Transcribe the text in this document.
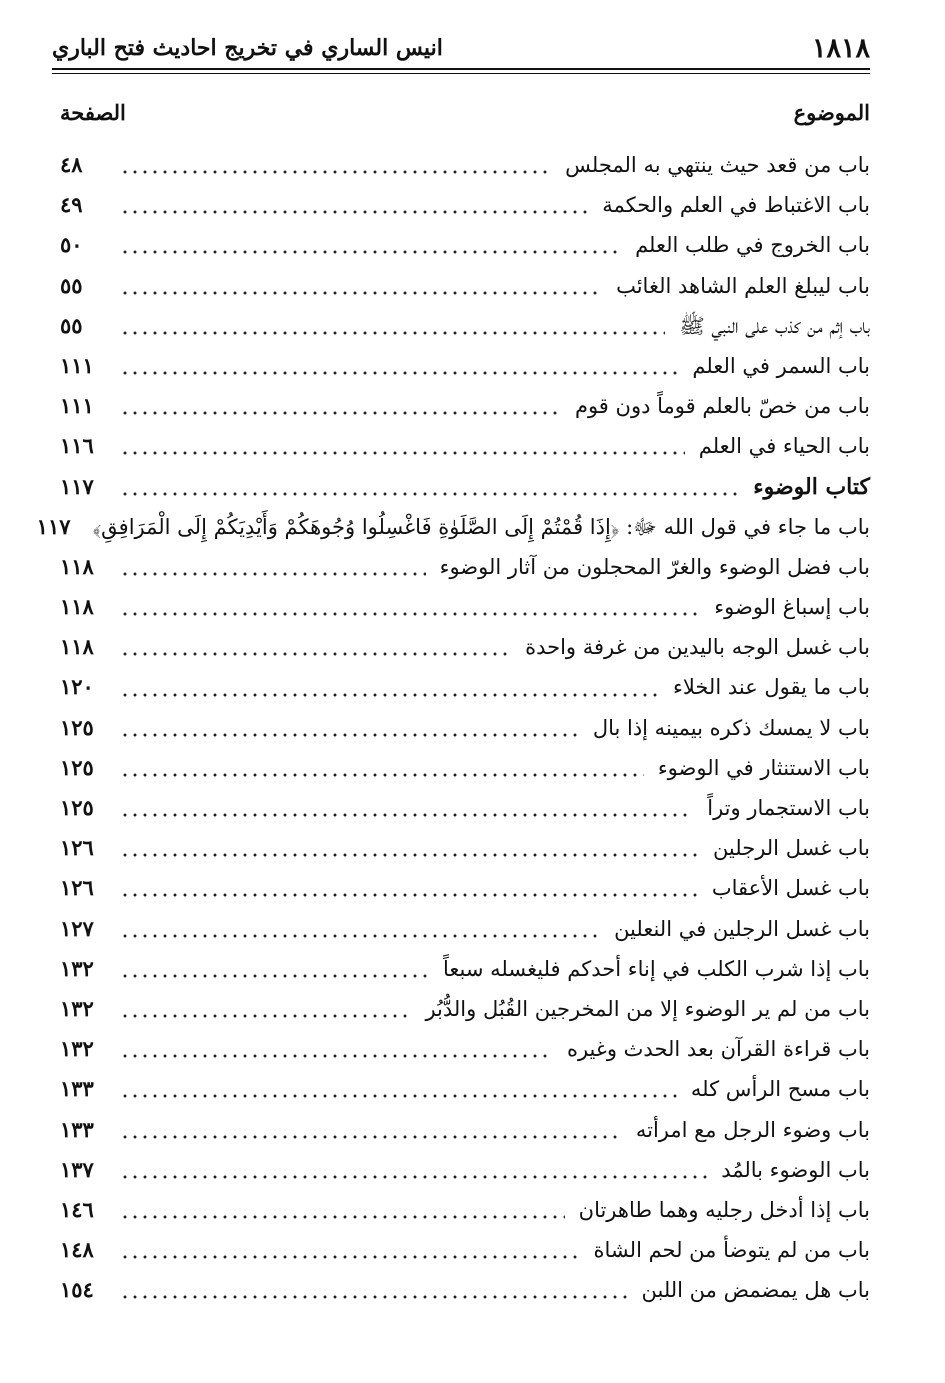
١٨١٨
انيس الساري في تخريج احاديث فتح الباري
الموضوع
الصفحة
باب من قعد حيث ينتهي به المجلس
٤٨
باب الاغتباط في العلم والحكمة
٤٩
باب الخروج في طلب العلم
٥٠
باب ليبلغ العلم الشاهد الغائب
٥٥
باب إثم من كذب على النبي ﷺ
٥٥
باب السمر في العلم
١١١
باب من خصّ بالعلم قوماً دون قوم
١١١
باب الحياء في العلم
١١٦
كتاب الوضوء
١١٧
باب ما جاء في قول الله ﷻ: ﴿إِذَا قُمْتُمْ إِلَى الصَّلَوٰةِ فَاغْسِلُوا وُجُوهَكُمْ وَأَيْدِيَكُمْ إِلَى الْمَرَافِقِ﴾
١١٧
باب فضل الوضوء والغرّ المحجلون من آثار الوضوء
١١٨
باب إسباغ الوضوء
١١٨
باب غسل الوجه باليدين من غرفة واحدة
١١٨
باب ما يقول عند الخلاء
١٢٠
باب لا يمسك ذكره بيمينه إذا بال
١٢٥
باب الاستنثار في الوضوء
١٢٥
باب الاستجمار وتراً
١٢٥
باب غسل الرجلين
١٢٦
باب غسل الأعقاب
١٢٦
باب غسل الرجلين في النعلين
١٢٧
باب إذا شرب الكلب في إناء أحدكم فليغسله سبعاً
١٣٢
باب من لم ير الوضوء إلا من المخرجين القُبُل والدُّبُر
١٣٢
باب قراءة القرآن بعد الحدث وغيره
١٣٢
باب مسح الرأس كله
١٣٣
باب وضوء الرجل مع امرأته
١٣٣
باب الوضوء بالمُد
١٣٧
باب إذا أدخل رجليه وهما طاهرتان
١٤٦
باب من لم يتوضأ من لحم الشاة
١٤٨
باب هل يمضمض من اللبن
١٥٤
